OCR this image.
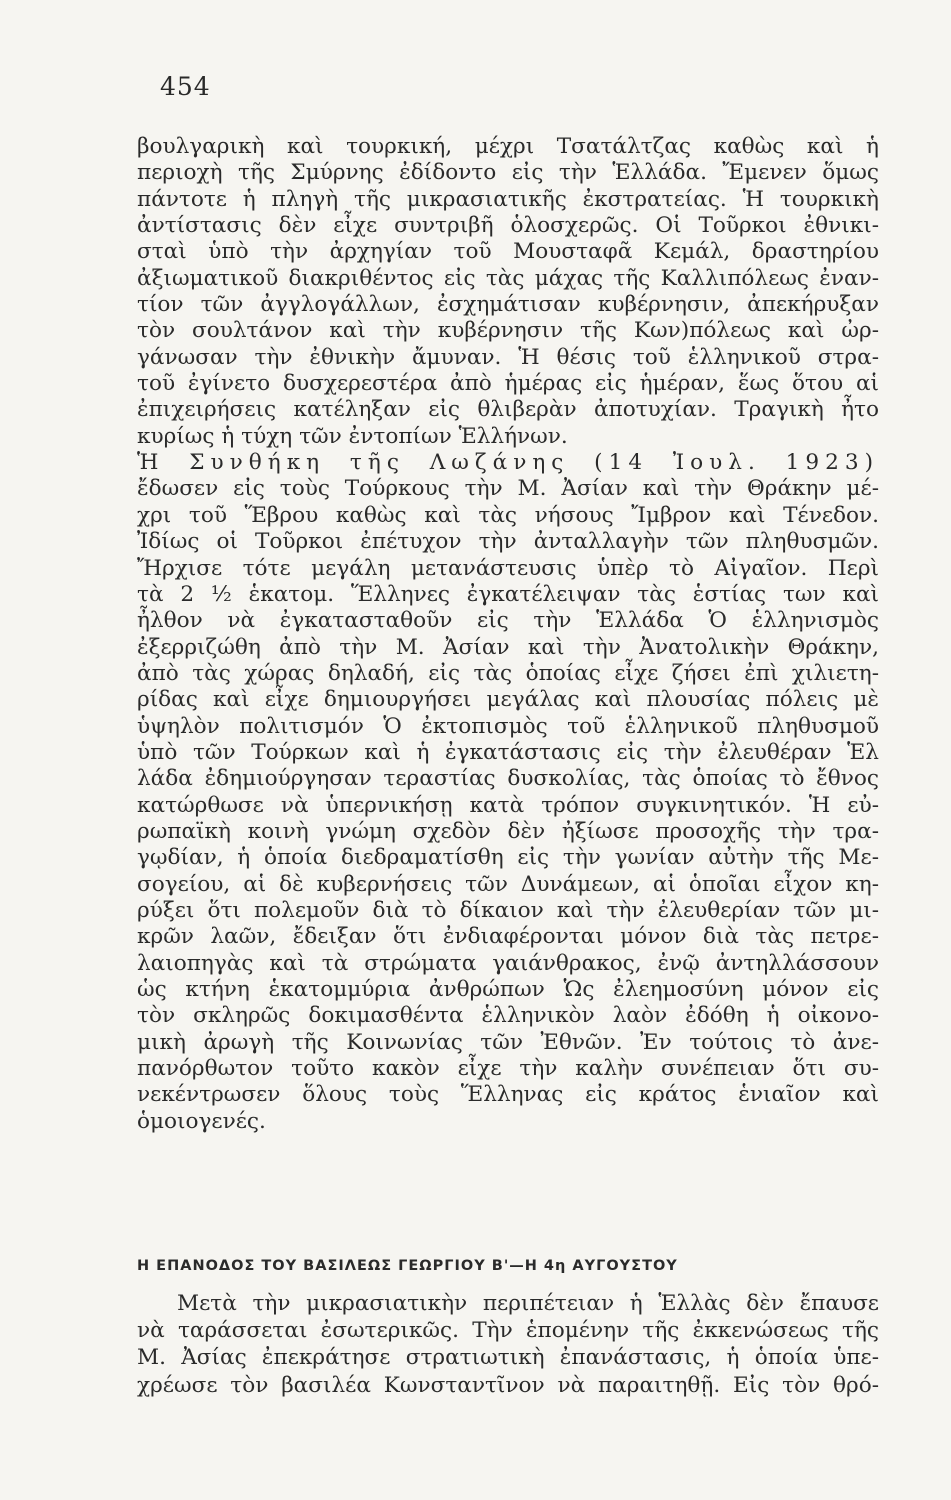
454
βουλγαρικὴ καὶ τουρκική, μέχρι Τσατάλτζας καθὼς καὶ ἡ
περιοχὴ τῆς Σμύρνης ἐδίδοντο εἰς τὴν Ἑλλάδα. Ἔμενεν ὅμως
πάντοτε ἡ πληγὴ τῆς μικρασιατικῆς ἐκστρατείας. Ἡ τουρκικὴ
ἀντίστασις δὲν εἶχε συντριβῆ ὁλοσχερῶς. Οἱ Τοῦρκοι ἐθνικι-
σταὶ ὑπὸ τὴν ἀρχηγίαν τοῦ Μουσταφᾶ Κεμάλ, δραστηρίου
ἀξιωματικοῦ διακριθέντος εἰς τὰς μάχας τῆς Καλλιπόλεως ἐναν-
τίον τῶν ἀγγλογάλλων, ἐσχημάτισαν κυβέρνησιν, ἀπεκήρυξαν
τὸν σουλτάνον καὶ τὴν κυβέρνησιν τῆς Κων)πόλεως καὶ ὠρ-
γάνωσαν τὴν ἐθνικὴν ἄμυναν. Ἡ θέσις τοῦ ἑλληνικοῦ στρα-
τοῦ ἐγίνετο δυσχερεστέρα ἀπὸ ἡμέρας εἰς ἡμέραν, ἕως ὅτου αἱ
ἐπιχειρήσεις κατέληξαν εἰς θλιβερὰν ἀποτυχίαν. Τραγικὴ ἦτο
κυρίως ἡ τύχη τῶν ἐντοπίων Ἑλλήνων.
Ἡ Συνθήκη τῆς Λωζάνης (14 Ἰουλ. 1923)
ἔδωσεν εἰς τοὺς Τούρκους τὴν Μ. Ἀσίαν καὶ τὴν Θράκην μέ-
χρι τοῦ Ἕβρου καθὼς καὶ τὰς νήσους Ἴμβρον καὶ Τένεδον.
Ἰδίως οἱ Τοῦρκοι ἐπέτυχον τὴν ἀνταλλαγὴν τῶν πληθυσμῶν.
Ἤρχισε τότε μεγάλη μετανάστευσις ὑπὲρ τὸ Αἰγαῖον. Περὶ
τὰ 2 ½ ἑκατομ. Ἕλληνες ἐγκατέλειψαν τὰς ἑστίας των καὶ
ἦλθον νὰ ἐγκατασταθοῦν εἰς τὴν Ἑλλάδα Ὁ ἑλληνισμὸς
ἐξερριζώθη ἀπὸ τὴν Μ. Ἀσίαν καὶ τὴν Ἀνατολικὴν Θράκην,
ἀπὸ τὰς χώρας δηλαδή, εἰς τὰς ὁποίας εἶχε ζήσει ἐπὶ χιλιετη-
ρίδας καὶ εἶχε δημιουργήσει μεγάλας καὶ πλουσίας πόλεις μὲ
ὑψηλὸν πολιτισμόν Ὁ ἐκτοπισμὸς τοῦ ἑλληνικοῦ πληθυσμοῦ
ὑπὸ τῶν Τούρκων καὶ ἡ ἐγκατάστασις εἰς τὴν ἐλευθέραν Ἑλ
λάδα ἐδημιούργησαν τεραστίας δυσκολίας, τὰς ὁποίας τὸ ἔθνος
κατώρθωσε νὰ ὑπερνικήσῃ κατὰ τρόπον συγκινητικόν. Ἡ εὐ-
ρωπαϊκὴ κοινὴ γνώμη σχεδὸν δὲν ἠξίωσε προσοχῆς τὴν τρα-
γῳδίαν, ἡ ὁποία διεδραματίσθη εἰς τὴν γωνίαν αὐτὴν τῆς Με-
σογείου, αἱ δὲ κυβερνήσεις τῶν Δυνάμεων, αἱ ὁποῖαι εἶχον κη-
ρύξει ὅτι πολεμοῦν διὰ τὸ δίκαιον καὶ τὴν ἐλευθερίαν τῶν μι-
κρῶν λαῶν, ἔδειξαν ὅτι ἐνδιαφέρονται μόνον διὰ τὰς πετρε-
λαιοπηγὰς καὶ τὰ στρώματα γαιάνθρακος, ἐνῷ ἀντηλλάσσουν
ὡς κτήνη ἑκατομμύρια ἀνθρώπων Ὡς ἐλεημοσύνη μόνον εἰς
τὸν σκληρῶς δοκιμασθέντα ἑλληνικὸν λαὸν ἐδόθη ἡ οἰκονο-
μικὴ ἀρωγὴ τῆς Κοινωνίας τῶν Ἐθνῶν. Ἐν τούτοις τὸ ἀνε-
πανόρθωτον τοῦτο κακὸν εἶχε τὴν καλὴν συνέπειαν ὅτι συ-
νεκέντρωσεν ὅλους τοὺς Ἕλληνας εἰς κράτος ἑνιαῖον καὶ
ὁμοιογενές.
Η ΕΠΑΝΟΔΟΣ ΤΟΥ ΒΑΣΙΛΕΩΣ ΓΕΩΡΓΙΟΥ Β'—Η 4η ΑΥΓΟΥΣΤΟΥ
Μετὰ τὴν μικρασιατικὴν περιπέτειαν ἡ Ἑλλὰς δὲν ἔπαυσε
νὰ ταράσσεται ἐσωτερικῶς. Τὴν ἑπομένην τῆς ἐκκενώσεως τῆς
Μ. Ἀσίας ἐπεκράτησε στρατιωτικὴ ἐπανάστασις, ἡ ὁποία ὑπε-
χρέωσε τὸν βασιλέα Κωνσταντῖνον νὰ παραιτηθῇ. Εἰς τὸν θρό-
